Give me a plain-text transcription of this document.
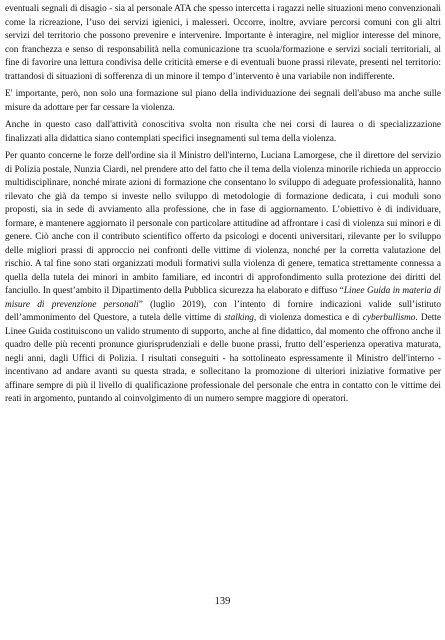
eventuali segnali di disagio - sia al personale ATA che spesso intercetta i ragazzi nelle situazioni meno convenzionali come la ricreazione, l’uso dei servizi igienici, i malesseri. Occorre, inoltre, avviare percorsi comuni con gli altri servizi del territorio che possono prevenire e intervenire. Importante è interagire, nel miglior interesse del minore, con franchezza e senso di responsabilità nella comunicazione tra scuola/formazione e servizi sociali territoriali, al fine di favorire una lettura condivisa delle criticità emerse e di eventuali buone prassi rilevate, presenti nel territorio: trattandosi di situazioni di sofferenza di un minore il tempo d’intervento è una variabile non indifferente.

E' importante, però, non solo una formazione sul piano della individuazione dei segnali dell'abuso ma anche sulle misure da adottare per far cessare la violenza.

Anche in questo caso dall'attività conoscitiva svolta non risulta che nei corsi di laurea o di specializzazione finalizzati alla didattica siano contemplati specifici insegnamenti sul tema della violenza.

Per quanto concerne le forze dell'ordine sia il Ministro dell'interno, Luciana Lamorgese, che il direttore del servizio di Polizia postale, Nunzia Ciardi, nel prendere atto del fatto che il tema della violenza minorile richieda un approccio multidisciplinare, nonché mirate azioni di formazione che consentano lo sviluppo di adeguate professionalità, hanno rilevato che già da tempo si investe nello sviluppo di metodologie di formazione dedicata, i cui moduli sono proposti, sia in sede di avviamento alla professione, che in fase di aggiornamento. L’obiettivo è di individuare, formare, e mantenere aggiornato il personale con particolare attitudine ad affrontare i casi di violenza sui minori e di genere. Ciò anche con il contributo scientifico offerto da psicologi e docenti universitari, rilevante per lo sviluppo delle migliori prassi di approccio nei confronti delle vittime di violenza, nonché per la corretta valutazione del rischio. A tal fine sono stati organizzati moduli formativi sulla violenza di genere, tematica strettamente connessa a quella della tutela dei minori in ambito familiare, ed incontri di approfondimento sulla protezione dei diritti del fanciullo. In quest’ambito il Dipartimento della Pubblica sicurezza ha elaborato e diffuso “Linee Guida in materia di misure di prevenzione personali” (luglio 2019), con l’intento di fornire indicazioni valide sull’istituto dell’ammonimento del Questore, a tutela delle vittime di stalking, di violenza domestica e di cyberbullismo. Dette Linee Guida costituiscono un valido strumento di supporto, anche al fine didattico, dal momento che offrono anche il quadro delle più recenti pronunce giurisprudenziali e delle buone prassi, frutto dell’esperienza operativa maturata, negli anni, dagli Uffici di Polizia. I risultati conseguiti - ha sottolineato espressamente il Ministro dell'interno - incentivano ad andare avanti su questa strada, e sollecitano la promozione di ulteriori iniziative formative per affinare sempre di più il livello di qualificazione professionale del personale che entra in contatto con le vittime dei reati in argomento, puntando al coinvolgimento di un numero sempre maggiore di operatori.

139
